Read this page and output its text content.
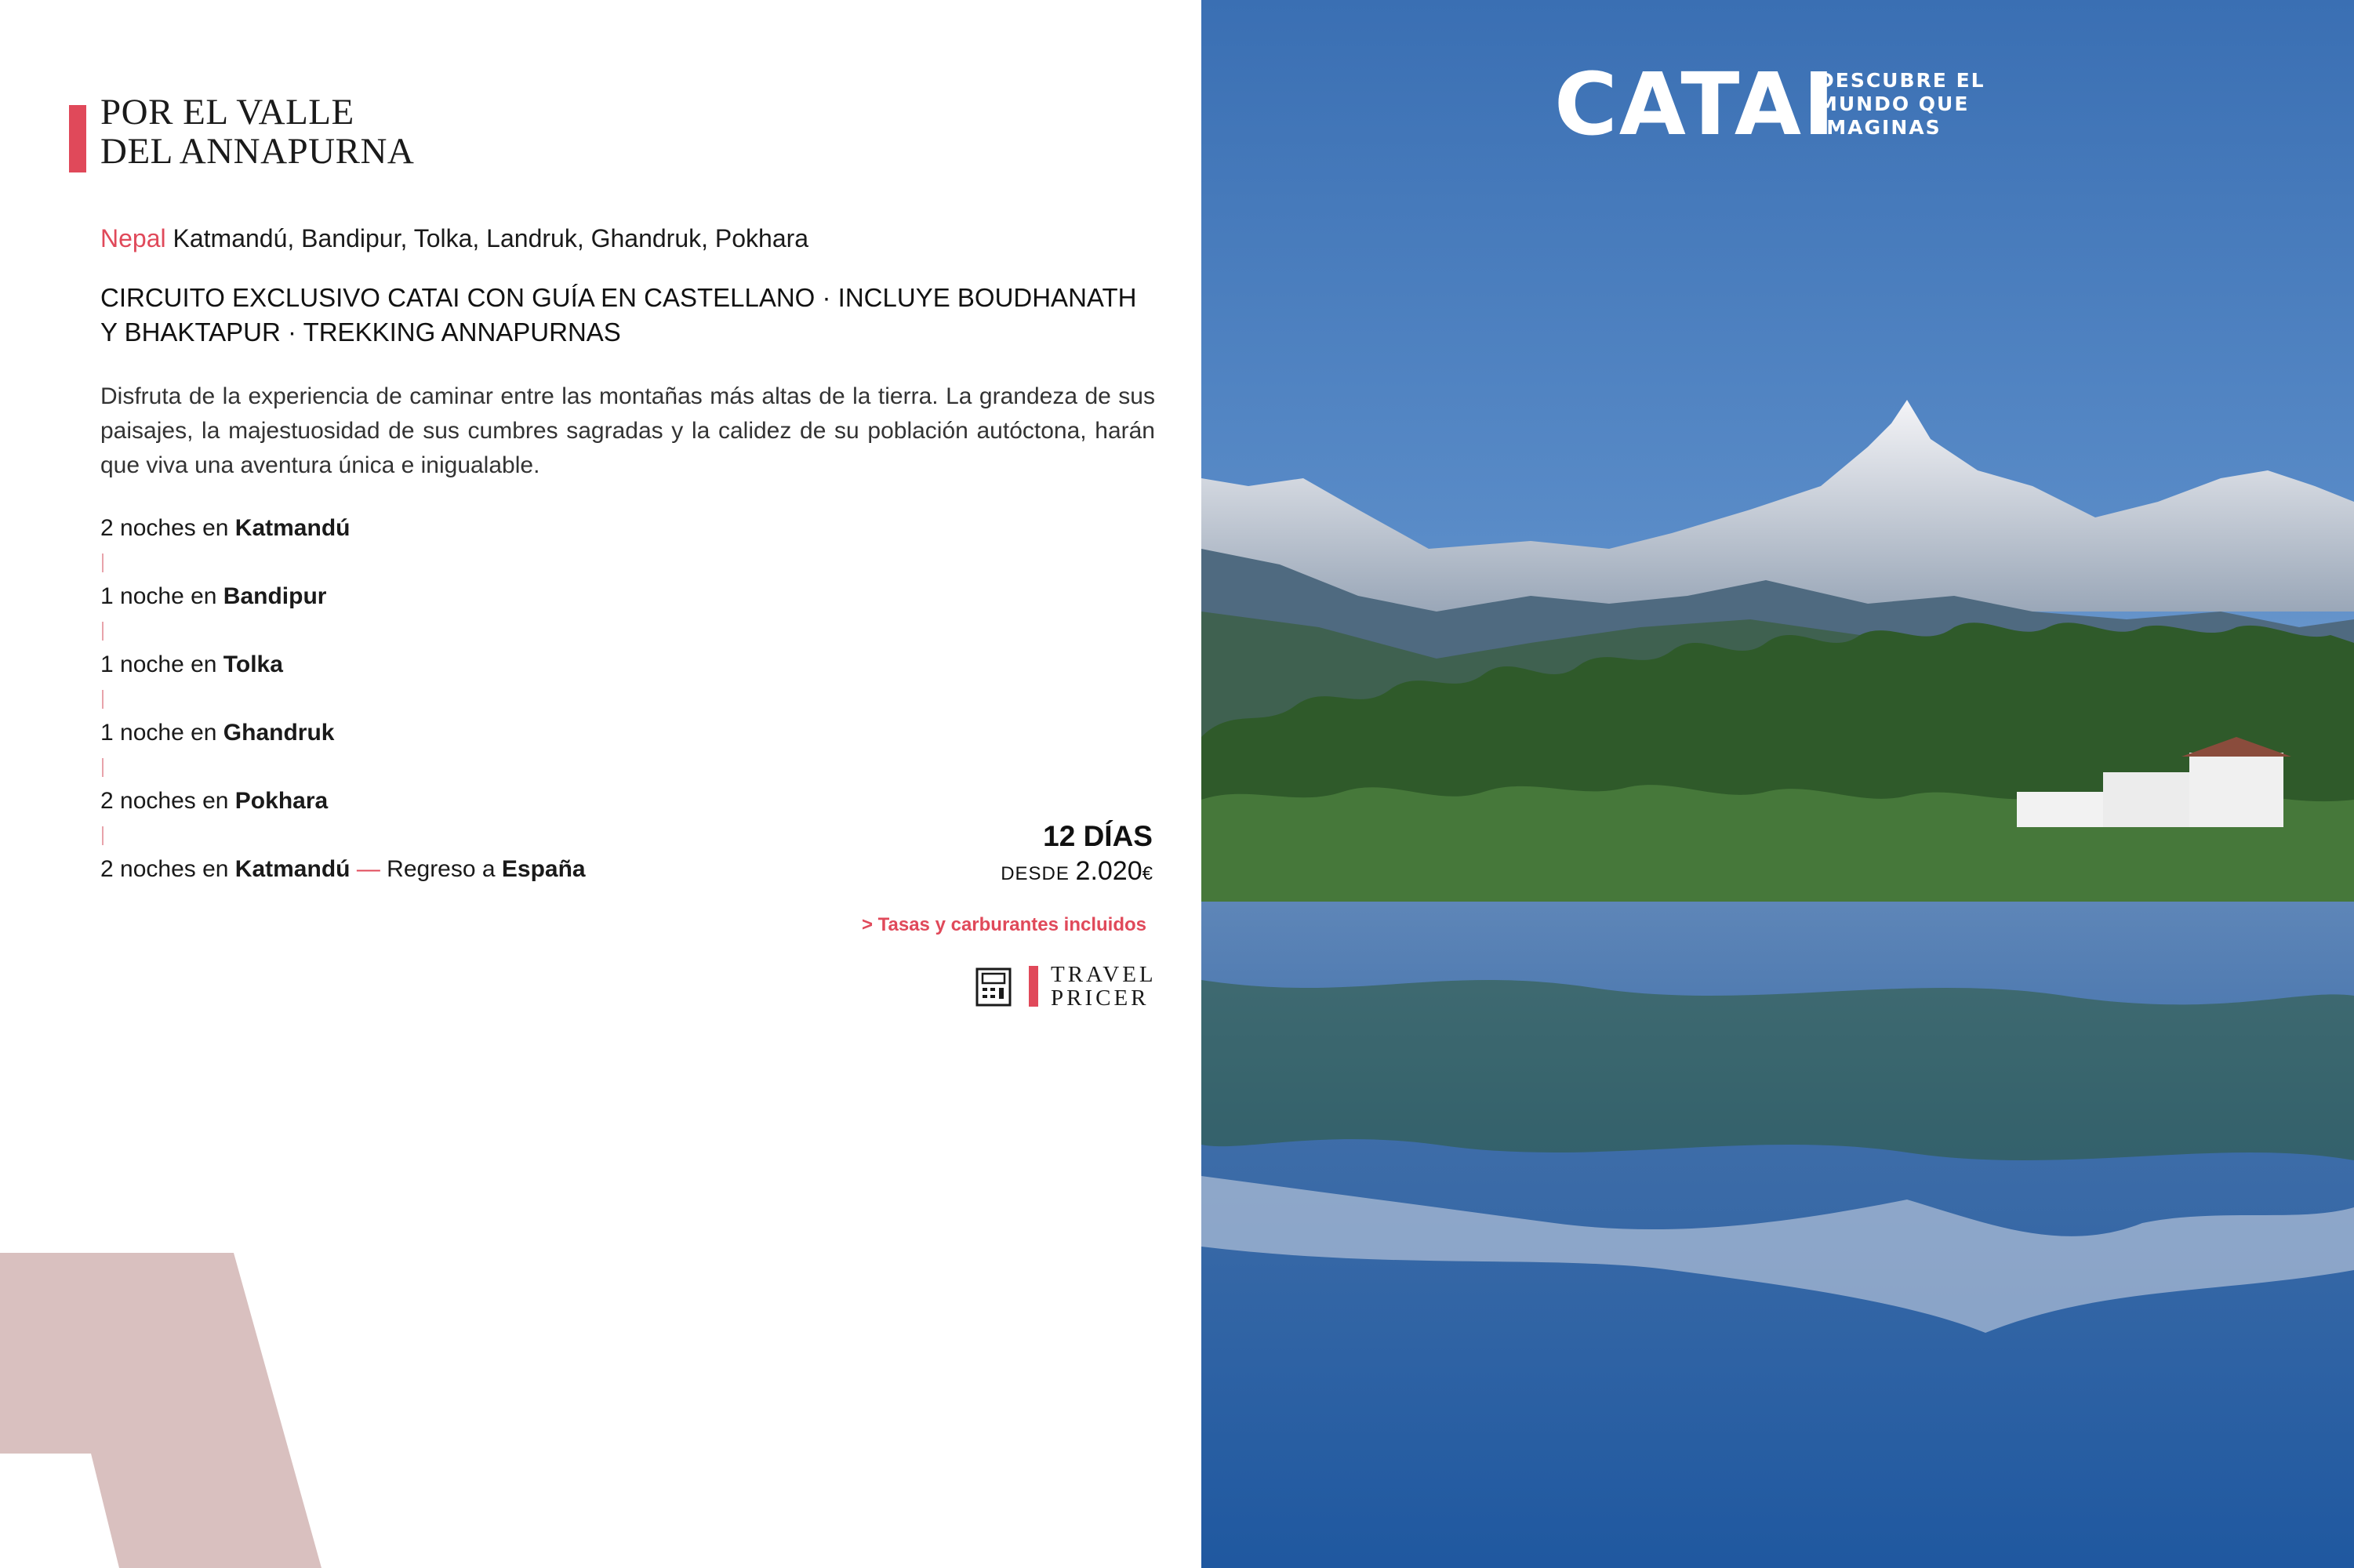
POR EL VALLE
DEL ANNAPURNA
Nepal Katmandú, Bandipur, Tolka, Landruk, Ghandruk, Pokhara
CIRCUITO EXCLUSIVO CATAI CON GUÍA EN CASTELLANO · INCLUYE BOUDHANATH Y BHAKTAPUR · TREKKING ANNAPURNAS
Disfruta de la experiencia de caminar entre las montañas más altas de la tierra. La grandeza de sus paisajes, la majestuosidad de sus cumbres sagradas y la calidez de su población autóctona, harán que viva una aventura única e inigualable.
2 noches en Katmandú
1 noche en Bandipur
1 noche en Tolka
1 noche en Ghandruk
2 noches en Pokhara
2 noches en Katmandú — Regreso a España
12 DÍAS
DESDE 2.020€
> Tasas y carburantes incluidos
TRAVEL
PRICER
CATAI
DESCUBRE EL
MUNDO QUE
IMAGINAS
